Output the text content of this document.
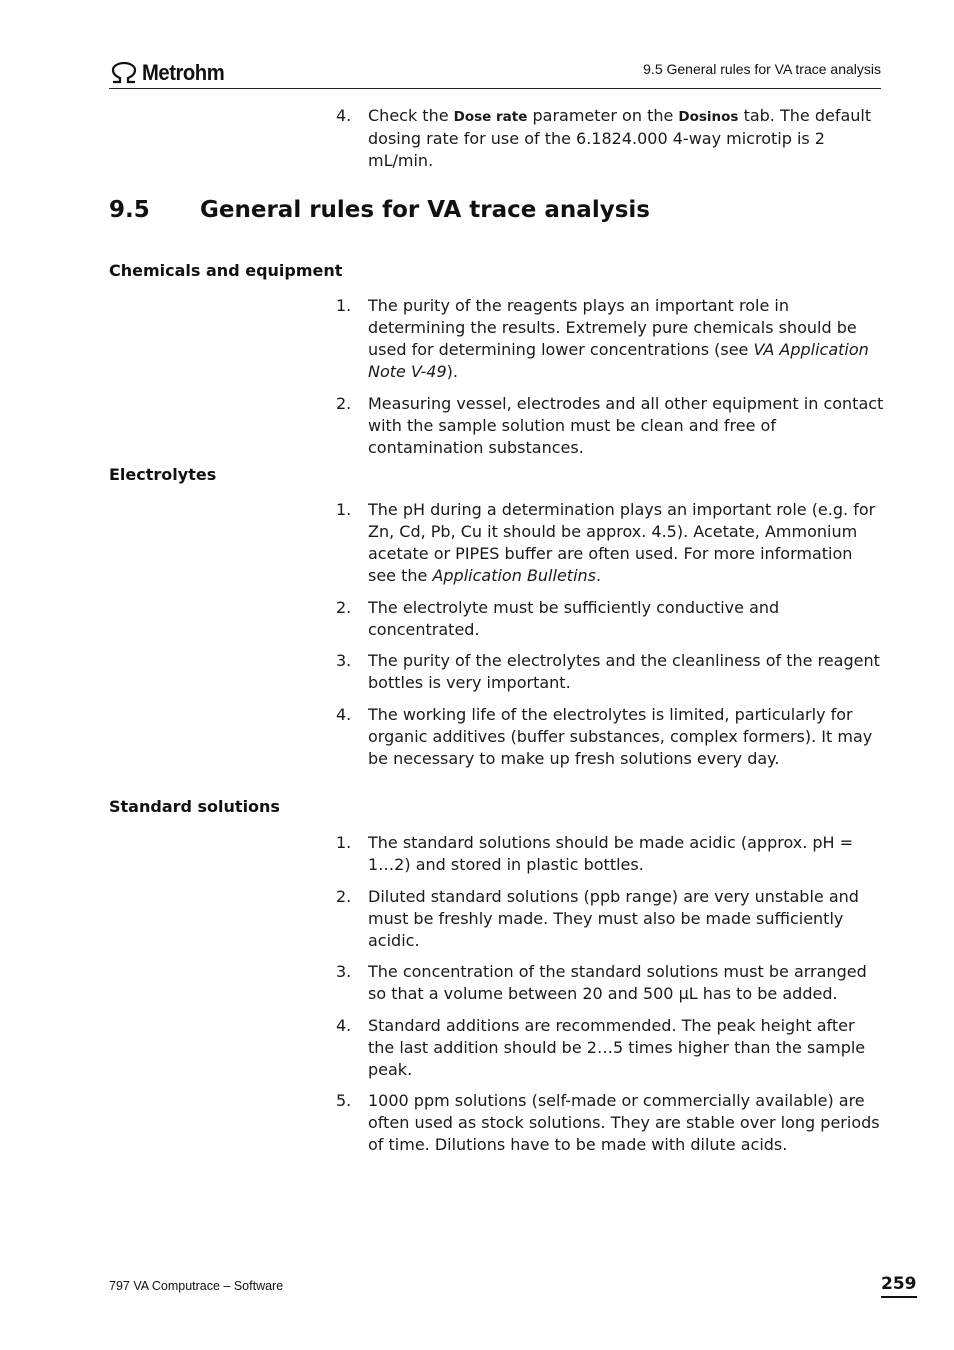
Metrohm	9.5 General rules for VA trace analysis
4. Check the Dose rate parameter on the Dosinos tab. The default dosing rate for use of the 6.1824.000 4-way microtip is 2 mL/min.
9.5 General rules for VA trace analysis
Chemicals and equipment
1. The purity of the reagents plays an important role in determining the results. Extremely pure chemicals should be used for determining lower concentrations (see VA Application Note V-49).
2. Measuring vessel, electrodes and all other equipment in contact with the sample solution must be clean and free of contamination substances.
Electrolytes
1. The pH during a determination plays an important role (e.g. for Zn, Cd, Pb, Cu it should be approx. 4.5). Acetate, Ammonium acetate or PIPES buffer are often used. For more information see the Application Bulletins.
2. The electrolyte must be sufficiently conductive and concentrated.
3. The purity of the electrolytes and the cleanliness of the reagent bottles is very important.
4. The working life of the electrolytes is limited, particularly for organic additives (buffer substances, complex formers). It may be necessary to make up fresh solutions every day.
Standard solutions
1. The standard solutions should be made acidic (approx. pH = 1…2) and stored in plastic bottles.
2. Diluted standard solutions (ppb range) are very unstable and must be freshly made. They must also be made sufficiently acidic.
3. The concentration of the standard solutions must be arranged so that a volume between 20 and 500 µL has to be added.
4. Standard additions are recommended. The peak height after the last addition should be 2…5 times higher than the sample peak.
5. 1000 ppm solutions (self-made or commercially available) are often used as stock solutions. They are stable over long periods of time. Dilutions have to be made with dilute acids.
797 VA Computrace – Software	259
